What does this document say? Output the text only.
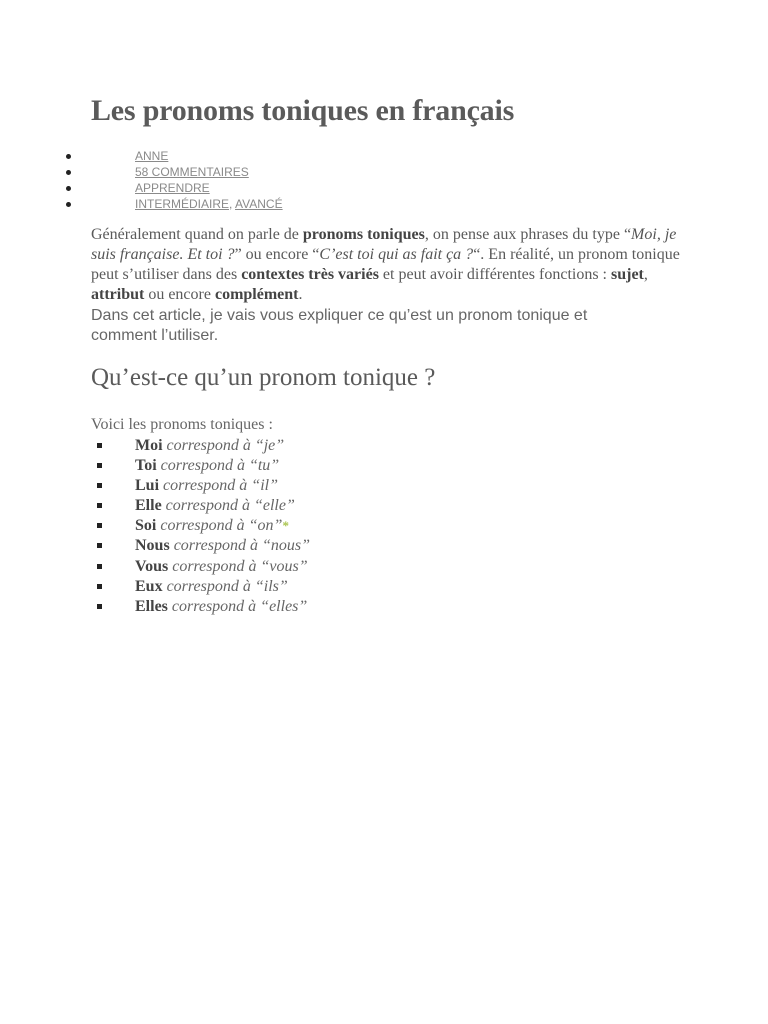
Les pronoms toniques en français
ANNE
58 COMMENTAIRES
APPRENDRE
INTERMÉDIAIRE, AVANCÉ

Généralement quand on parle de pronoms toniques, on pense aux phrases du type “Moi, je suis française. Et toi ?” ou encore “C’est toi qui as fait ça ?“. En réalité, un pronom tonique peut s’utiliser dans des contextes très variés et peut avoir différentes fonctions : sujet, attribut ou encore complément.

Dans cet article, je vais vous expliquer ce qu’est un pronom tonique et comment l’utiliser.

Qu’est-ce qu’un pronom tonique ?

Voici les pronoms toniques :

Moi correspond à “je”
Toi correspond à “tu”
Lui correspond à “il”
Elle correspond à “elle”
Soi correspond à “on”*
Nous correspond à “nous”
Vous correspond à “vous”
Eux correspond à “ils”
Elles correspond à “elles”
